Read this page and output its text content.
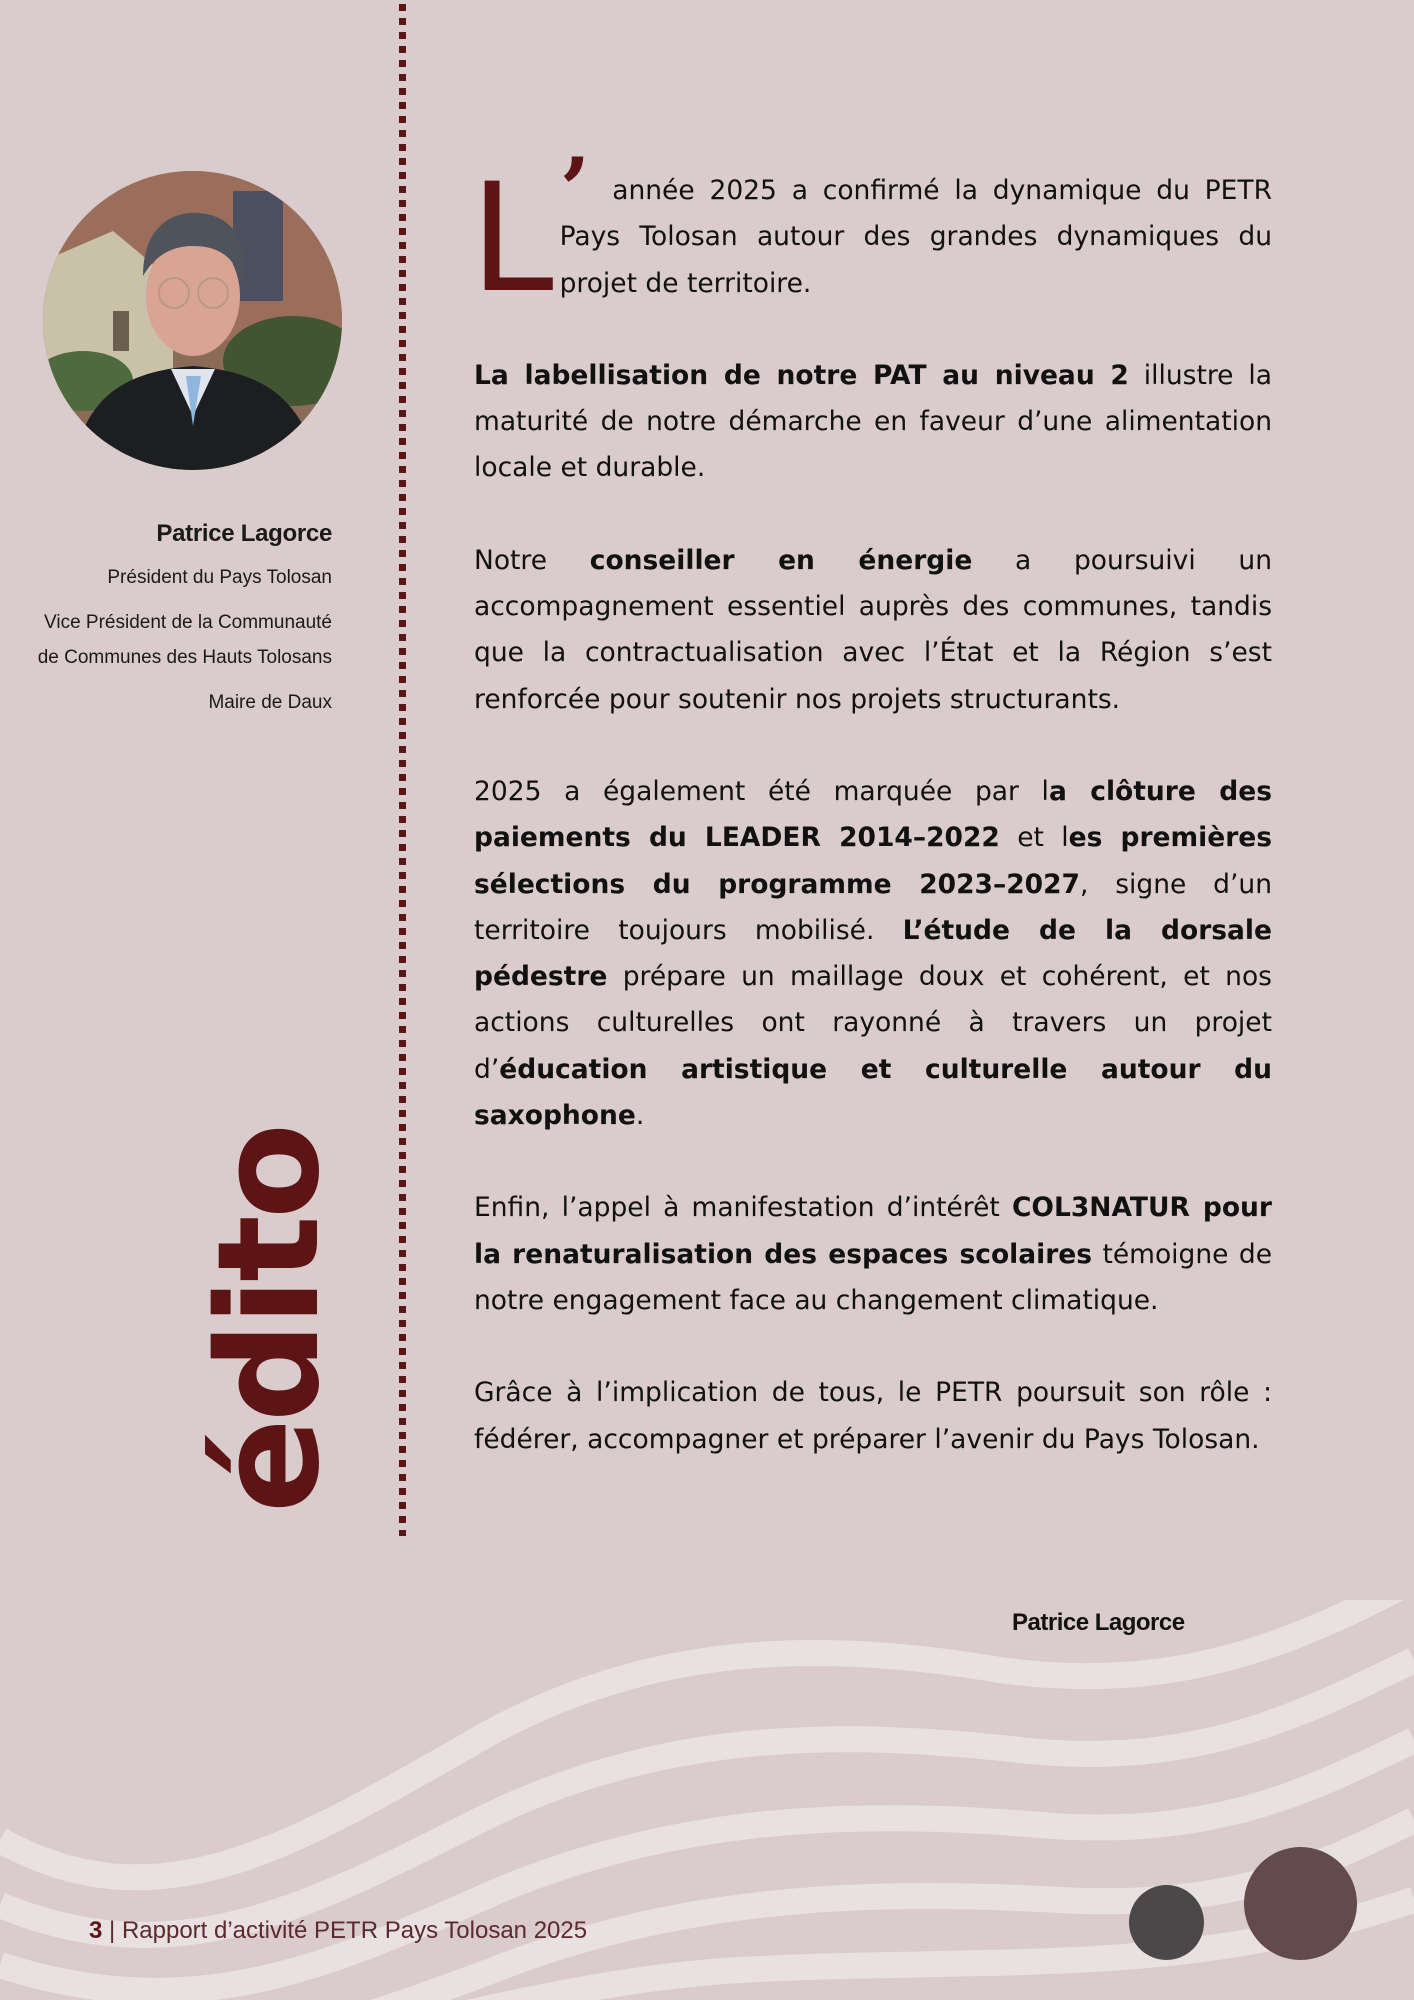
Patrice Lagorce
Président du Pays Tolosan
Vice Président de la Communauté de Communes des Hauts Tolosans
Maire de Daux
édito

L ’ année 2025 a confirmé la dynamique du PETR Pays Tolosan autour des grandes dynamiques du projet de territoire.

La labellisation de notre PAT au niveau 2 illustre la maturité de notre démarche en faveur d’une alimentation locale et durable.

Notre conseiller en énergie a poursuivi un accompagnement essentiel auprès des communes, tandis que la contractualisation avec l’État et la Région s’est renforcée pour soutenir nos projets structurants.

2025 a également été marquée par la clôture des paiements du LEADER 2014–2022 et les premières sélections du programme 2023–2027, signe d’un territoire toujours mobilisé. L’étude de la dorsale pédestre prépare un maillage doux et cohérent, et nos actions culturelles ont rayonné à travers un projet d’éducation artistique et culturelle autour du saxophone.

Enfin, l’appel à manifestation d’intérêt COL3NATUR pour la renaturalisation des espaces scolaires témoigne de notre engagement face au changement climatique.

Grâce à l’implication de tous, le PETR poursuit son rôle : fédérer, accompagner et préparer l’avenir du Pays Tolosan.

Patrice Lagorce
3 | Rapport d’activité PETR Pays Tolosan 2025
